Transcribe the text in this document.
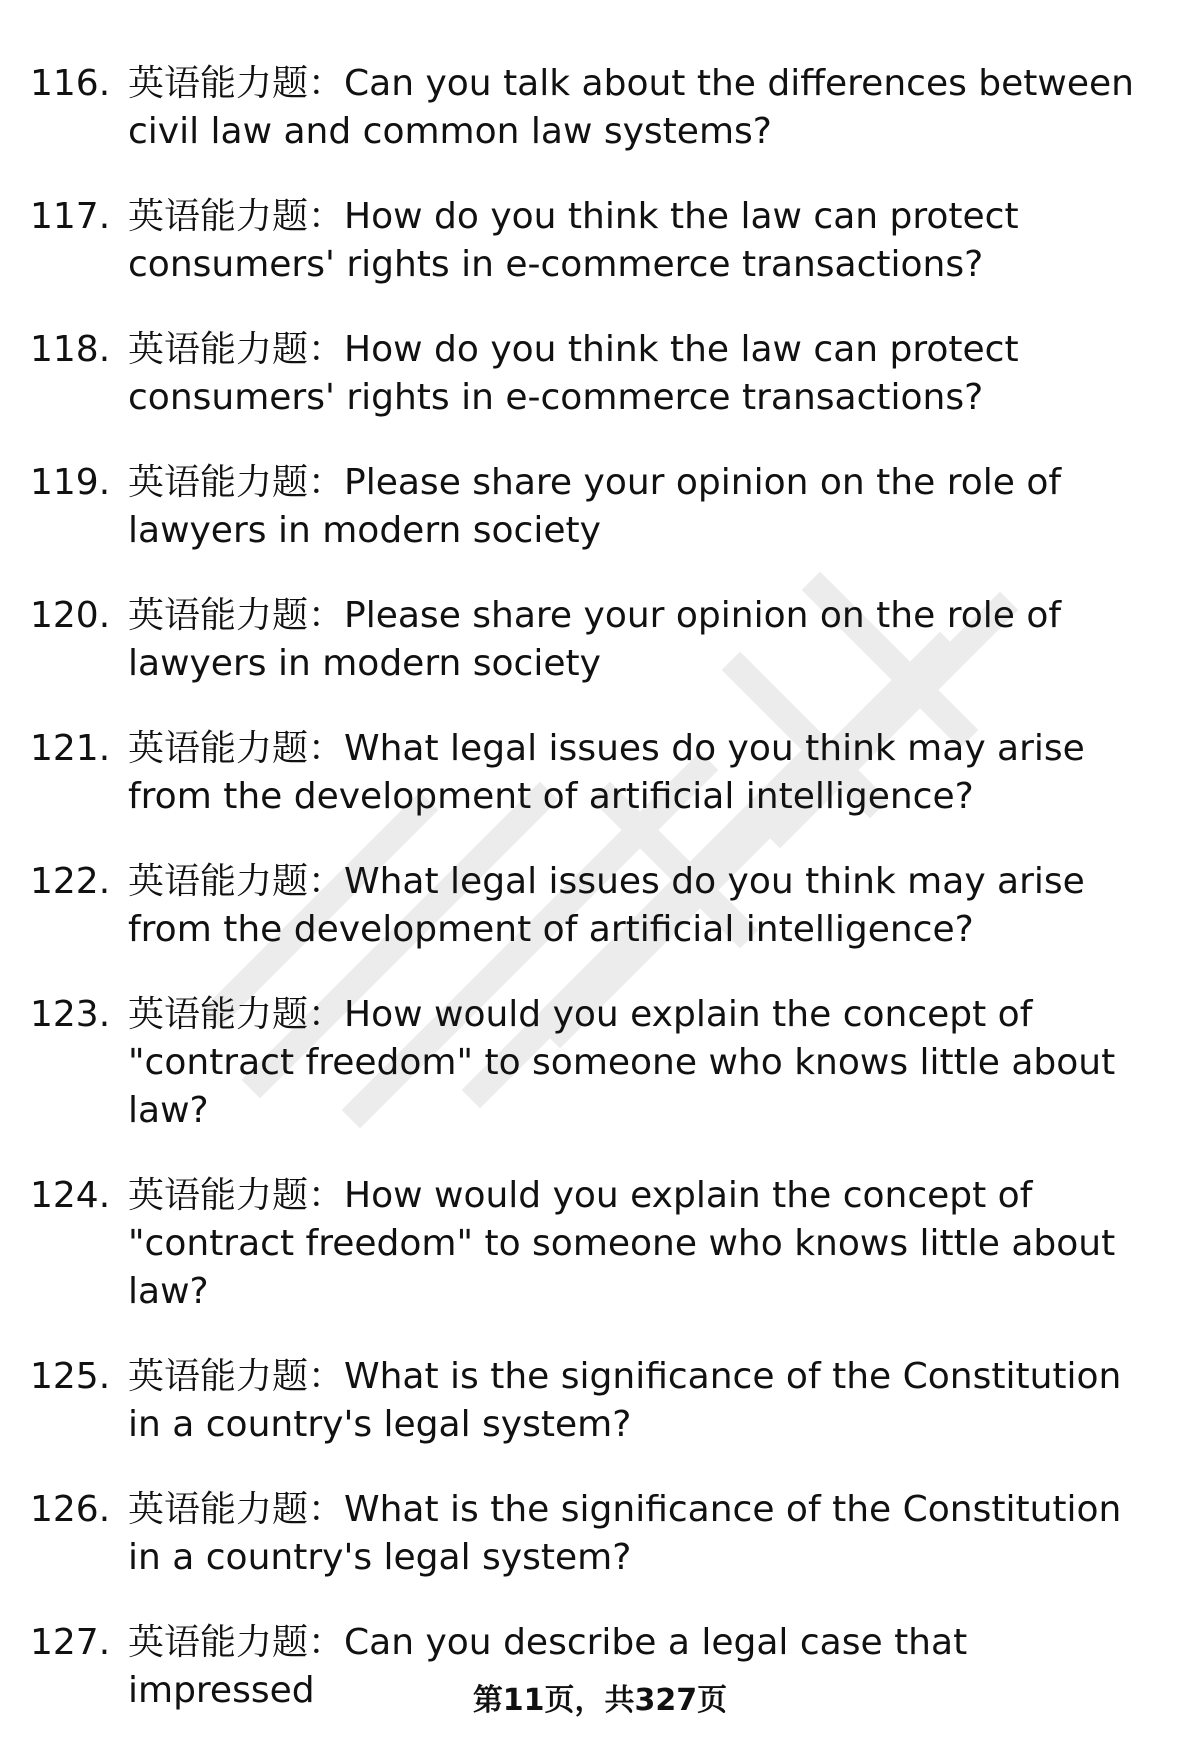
116. 英语能力题：Can you talk about the differences between civil law and common law systems?
117. 英语能力题：How do you think the law can protect consumers' rights in e-commerce transactions?
118. 英语能力题：How do you think the law can protect consumers' rights in e-commerce transactions?
119. 英语能力题：Please share your opinion on the role of lawyers in modern society
120. 英语能力题：Please share your opinion on the role of lawyers in modern society
121. 英语能力题：What legal issues do you think may arise from the development of artificial intelligence?
122. 英语能力题：What legal issues do you think may arise from the development of artificial intelligence?
123. 英语能力题：How would you explain the concept of "contract freedom" to someone who knows little about law?
124. 英语能力题：How would you explain the concept of "contract freedom" to someone who knows little about law?
125. 英语能力题：What is the significance of the Constitution in a country's legal system?
126. 英语能力题：What is the significance of the Constitution in a country's legal system?
127. 英语能力题：Can you describe a legal case that impressed	第11页，共327页
